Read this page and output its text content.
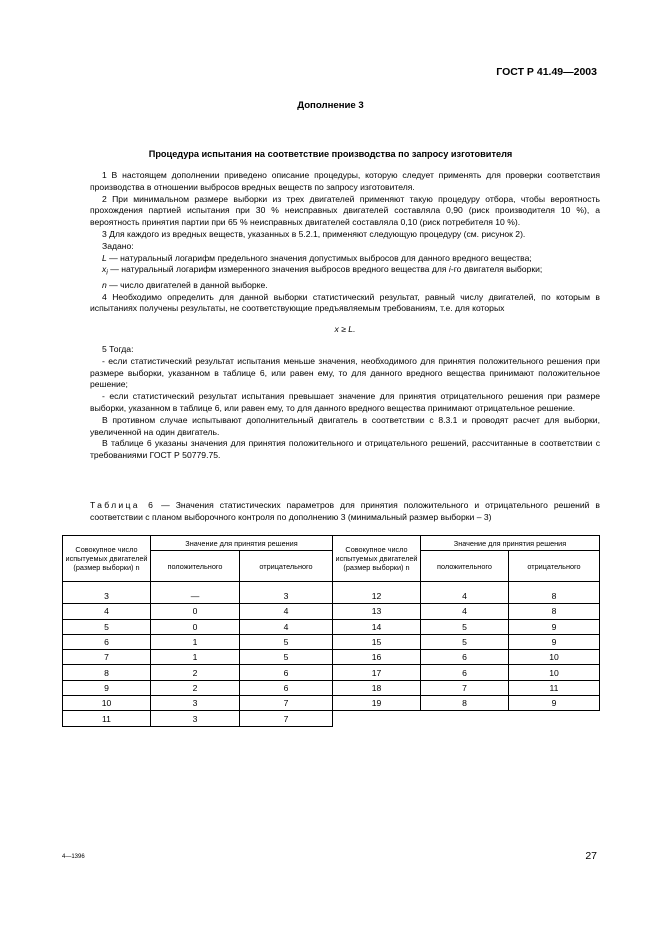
ГОСТ Р 41.49—2003
Дополнение 3
Процедура испытания на соответствие производства по запросу изготовителя

1 В настоящем дополнении приведено описание процедуры, которую следует применять для проверки соответствия производства в отношении выбросов вредных веществ по запросу изготовителя.

2 При минимальном размере выборки из трех двигателей применяют такую процедуру отбора, чтобы вероятность прохождения партией испытания при 30 % неисправных двигателей составляла 0,90 (риск производителя 10 %), а вероятность принятия партии при 65 % неисправных двигателей составляла 0,10 (риск потребителя 10 %).

3 Для каждого из вредных веществ, указанных в 5.2.1, применяют следующую процедуру (см. рисунок 2).

Задано:

L — натуральный логарифм предельного значения допустимых выбросов для данного вредного вещества;

$x_i$ — натуральный логарифм измеренного значения выбросов вредного вещества для i-го двигателя выборки;

n — число двигателей в данной выборке.

4 Необходимо определить для данной выборки статистический результат, равный числу двигателей, по которым в испытаниях получены результаты, не соответствующие предъявляемым требованиям, т.е. для которых

x ≥ L.

5 Тогда:

- если статистический результат испытания меньше значения, необходимого для принятия положительного решения при размере выборки, указанном в таблице 6, или равен ему, то для данного вредного вещества принимают положительное решение;

- если статистический результат испытания превышает значение для принятия отрицательного решения при размере выборки, указанном в таблице 6, или равен ему, то для данного вредного вещества принимают отрицательное решение.

В противном случае испытывают дополнительный двигатель в соответствии с 8.3.1 и проводят расчет для выборки, увеличенной на один двигатель.

В таблице 6 указаны значения для принятия положительного и отрицательного решений, рассчитанные в соответствии с требованиями ГОСТ Р 50779.75.

Таблица 6 — Значения статистических параметров для принятия положительного и отрицательного решений в соответствии с планом выборочного контроля по дополнению 3 (минимальный размер выборки – 3)
Совокупное число испытуемых двигателей (размер выборки) n	Значение для принятия решения	
	положительного	отрицательного

3	—	3
4	0	4
5	0	4
6	1	5
7	1	5
8	2	6
9	2	6
10	3	7
11	3	7
Совокупное число испытуемых двигателей (размер выборки) n	Значение для принятия решения	
	положительного	отрицательного

12	4	8
13	4	8
14	5	9
15	5	9
16	6	10
17	6	10
18	7	11
19	8	9
4—1396	27
